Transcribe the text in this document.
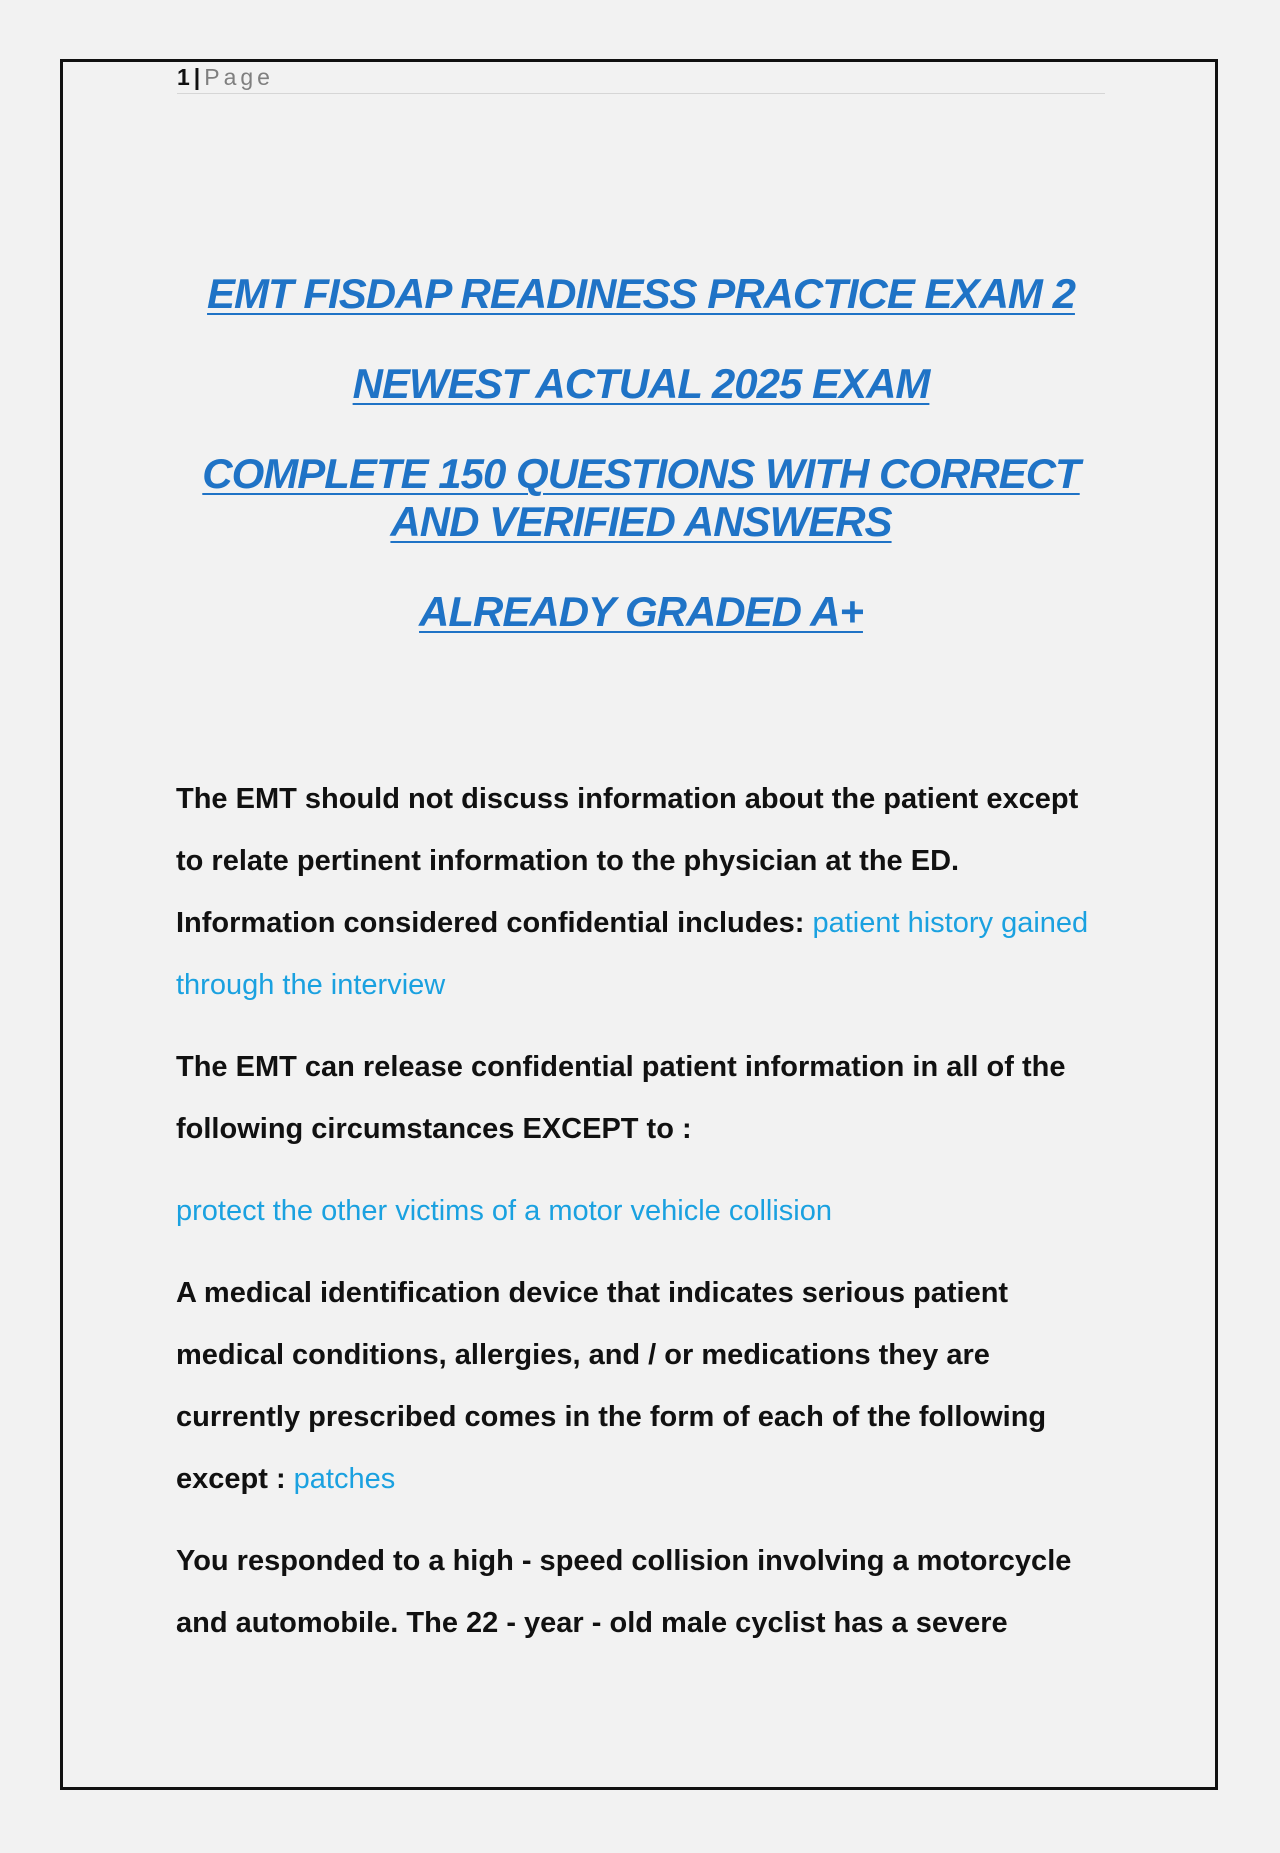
1 | Page
EMT FISDAP READINESS PRACTICE EXAM 2
NEWEST ACTUAL 2025 EXAM
COMPLETE 150 QUESTIONS WITH CORRECT
AND VERIFIED ANSWERS
ALREADY GRADED A+

The EMT should not discuss information about the patient except to relate pertinent information to the physician at the ED. Information considered confidential includes: patient history gained through the interview

The EMT can release confidential patient information in all of the following circumstances EXCEPT to :

protect the other victims of a motor vehicle collision

A medical identification device that indicates serious patient medical conditions, allergies, and / or medications they are currently prescribed comes in the form of each of the following except : patches

You responded to a high - speed collision involving a motorcycle and automobile. The 22 - year - old male cyclist has a severe
